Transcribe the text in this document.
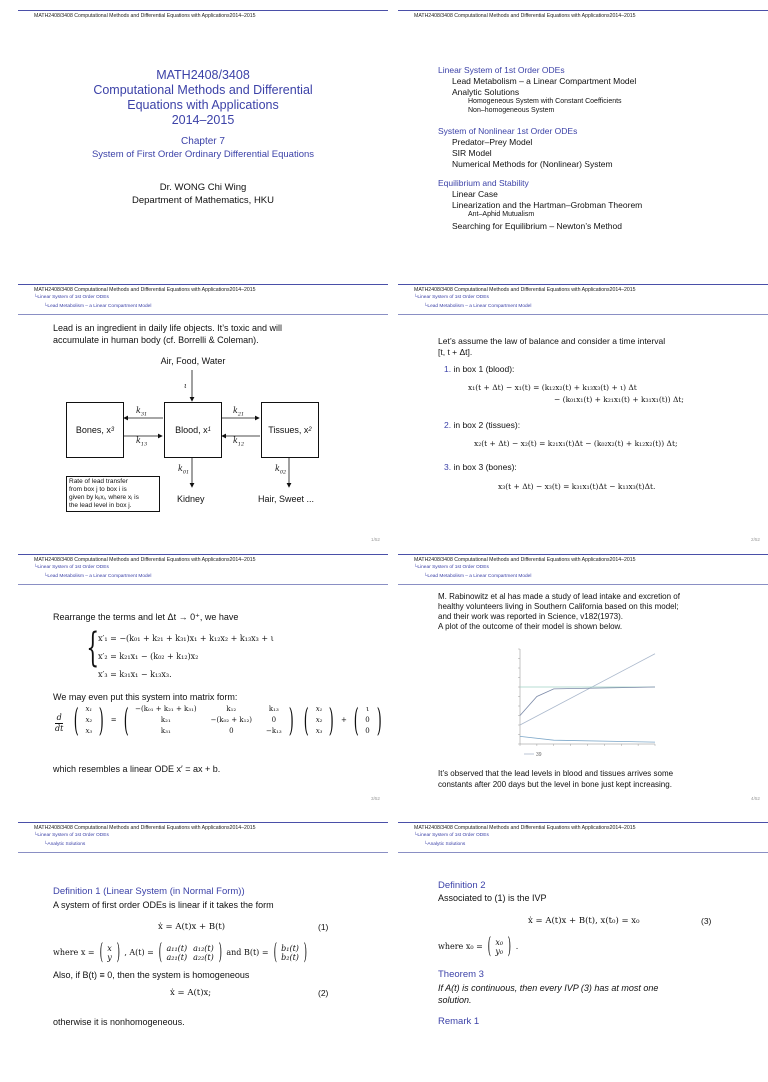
MATH2408/3408 Computational Methods and Differential Equations with Applications2014–2015
MATH2408/3408
Computational Methods and Differential
Equations with Applications
2014–2015
Chapter 7
System of First Order Ordinary Differential Equations
Dr. WONG Chi Wing
Department of Mathematics, HKU
MATH2408/3408 Computational Methods and Differential Equations with Applications2014–2015
Linear System of 1st Order ODEs
Lead Metabolism – a Linear Compartment Model
Analytic Solutions
Homogeneous System with Constant Coefficients
Non–homogeneous System
System of Nonlinear 1st Order ODEs
Predator–Prey Model
SIR Model
Numerical Methods for (Nonlinear) System
Equilibrium and Stability
Linear Case
Linearization and the Hartman–Grobman Theorem
Ant–Aphid Mutualism
Searching for Equilibrium – Newton’s Method
MATH2408/3408 Computational Methods and Differential Equations with Applications2014–2015
└Linear System of 1st Order ODEs
└Lead Metabolism – a Linear Compartment Model
Lead is an ingredient in daily life objects. It’s toxic and will
accumulate in human body (cf. Borrelli & Coleman).
Air, Food, Water
Bones, x 3	Blood, x 1	Tissues, x 2
ι
$k_{31}$
$k_{13}$
$k_{21}$
$k_{12}$
$k_{01}$	$k_{02}$
Kidney	Hair, Sweet ...
Rate of lead transfer
from box j to box i is
given by kᵢⱼxⱼ, where xⱼ is
the lead level in box j.
1/52
MATH2408/3408 Computational Methods and Differential Equations with Applications2014–2015
└Linear System of 1st Order ODEs
└Lead Metabolism – a Linear Compartment Model
Let’s assume the law of balance and consider a time interval
[t, t + Δt].
1. in box 1 (blood):
x₁(t + Δt) − x₁(t) = (k₁₂x₂(t) + k₁₃x₃(t) + ι) Δt
− (k₀₁x₁(t) + k₂₁x₁(t) + k₃₁x₁(t)) Δt;
2. in box 2 (tissues):
x₂(t + Δt) − x₂(t) = k₂₁x₁(t)Δt − (k₀₂x₂(t) + k₁₂x₂(t)) Δt;
3. in box 3 (bones):
x₃(t + Δt) − x₃(t) = k₃₁x₁(t)Δt − k₁₃x₃(t)Δt.
2/52
MATH2408/3408 Computational Methods and Differential Equations with Applications2014–2015
└Linear System of 1st Order ODEs
└Lead Metabolism – a Linear Compartment Model
Rearrange the terms and let Δt → 0⁺, we have
{
x′₁ = −(k₀₁ + k₂₁ + k₃₁)x₁ + k₁₂x₂ + k₁₃x₃ + ι
x′₂ = k₂₁x₁ − (k₀₂ + k₁₂)x₂
x′₃ = k₃₁x₁ − k₁₃x₃.
We may even put this system into matrix form:
d
dt ( x₁
x₂
x₃ ) = ( −(k₀₁ + k₂₁ + k₃₁)	k₁₂	k₁₃
k₂₁	−(k₀₂ + k₁₂)	0
k₃₁	0	−k₁₃ ) ( x₁
x₂
x₃ ) + ( ι
0
0 )
which resembles a linear ODE x′ = ax + b.
3/52
MATH2408/3408 Computational Methods and Differential Equations with Applications2014–2015
└Linear System of 1st Order ODEs
└Lead Metabolism – a Linear Compartment Model
M. Rabinowitz et al has made a study of lead intake and excretion of
healthy volunteers living in Southern California based on this model;
and their work was reported in Science, v182(1973).
A plot of the outcome of their model is shown below.
39
It’s observed that the lead levels in blood and tissues arrives some
constants after 200 days but the level in bone just kept increasing.
4/52
MATH2408/3408 Computational Methods and Differential Equations with Applications2014–2015
└Linear System of 1st Order ODEs
└Analytic Solutions
Definition 1 (Linear System (in Normal Form))
A system of first order ODEs is linear if it takes the form
ẋ = A(t)x + B(t)	(1)
where x = ( x
y ) , A(t) = ( a₁₁(t) a₁₂(t)
a₂₁(t) a₂₂(t) ) and B(t) = ( b₁(t)
b₂(t) )
Also, if B(t) ≡ 0, then the system is homogeneous
ẋ = A(t)x;	(2)
otherwise it is nonhomogeneous.
MATH2408/3408 Computational Methods and Differential Equations with Applications2014–2015
└Linear System of 1st Order ODEs
└Analytic Solutions
Definition 2
Associated to (1) is the IVP
ẋ = A(t)x + B(t), x(t₀) = x₀	(3)
where x₀ = ( x₀
y₀ ) .
Theorem 3
If A(t) is continuous, then every IVP (3) has at most one
solution.
Remark 1
